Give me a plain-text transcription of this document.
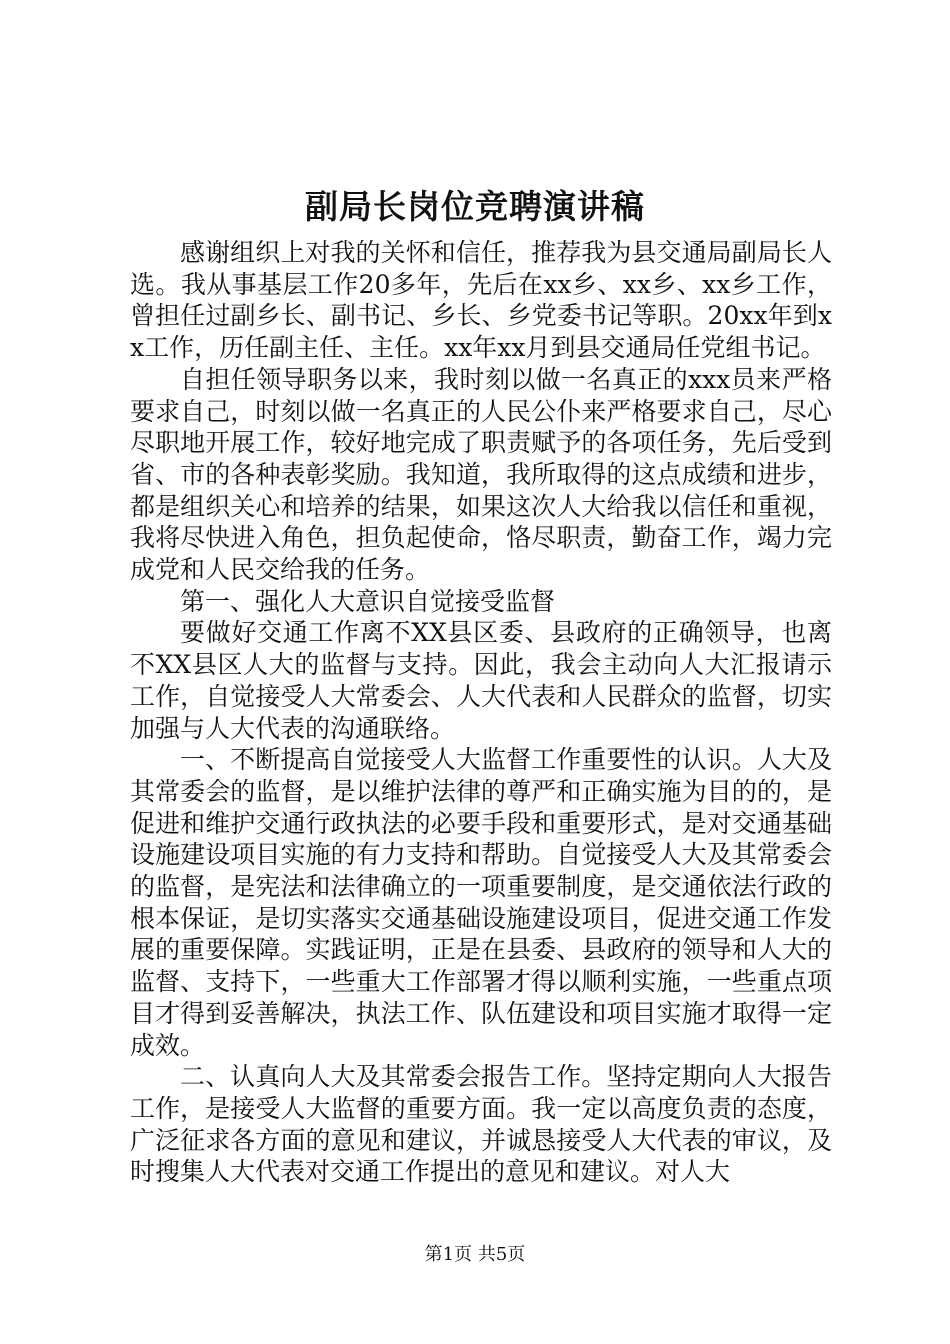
副局长岗位竞聘演讲稿

感谢组织上对我的关怀和信任，推荐我为县交通局副局长人选。我从事基层工作20多年，先后在xx乡、xx乡、xx乡工作，曾担任过副乡长、副书记、乡长、乡党委书记等职。20xx年到xx工作，历任副主任、主任。xx年xx月到县交通局任党组书记。

自担任领导职务以来，我时刻以做一名真正的xxx员来严格要求自己，时刻以做一名真正的人民公仆来严格要求自己，尽心尽职地开展工作，较好地完成了职责赋予的各项任务，先后受到省、市的各种表彰奖励。我知道，我所取得的这点成绩和进步，都是组织关心和培养的结果，如果这次人大给我以信任和重视，我将尽快进入角色，担负起使命，恪尽职责，勤奋工作，竭力完成党和人民交给我的任务。

第一、强化人大意识自觉接受监督

要做好交通工作离不XX县区委、县政府的正确领导，也离不XX县区人大的监督与支持。因此，我会主动向人大汇报请示工作，自觉接受人大常委会、人大代表和人民群众的监督，切实加强与人大代表的沟通联络。

一、不断提高自觉接受人大监督工作重要性的认识。人大及其常委会的监督，是以维护法律的尊严和正确实施为目的的，是促进和维护交通行政执法的必要手段和重要形式，是对交通基础设施建设项目实施的有力支持和帮助。自觉接受人大及其常委会的监督，是宪法和法律确立的一项重要制度，是交通依法行政的根本保证，是切实落实交通基础设施建设项目，促进交通工作发展的重要保障。实践证明，正是在县委、县政府的领导和人大的监督、支持下，一些重大工作部署才得以顺利实施，一些重点项目才得到妥善解决，执法工作、队伍建设和项目实施才取得一定成效。

二、认真向人大及其常委会报告工作。坚持定期向人大报告工作，是接受人大监督的重要方面。我一定以高度负责的态度，广泛征求各方面的意见和建议，并诚恳接受人大代表的审议，及时搜集人大代表对交通工作提出的意见和建议。对人大

第1页 共5页
